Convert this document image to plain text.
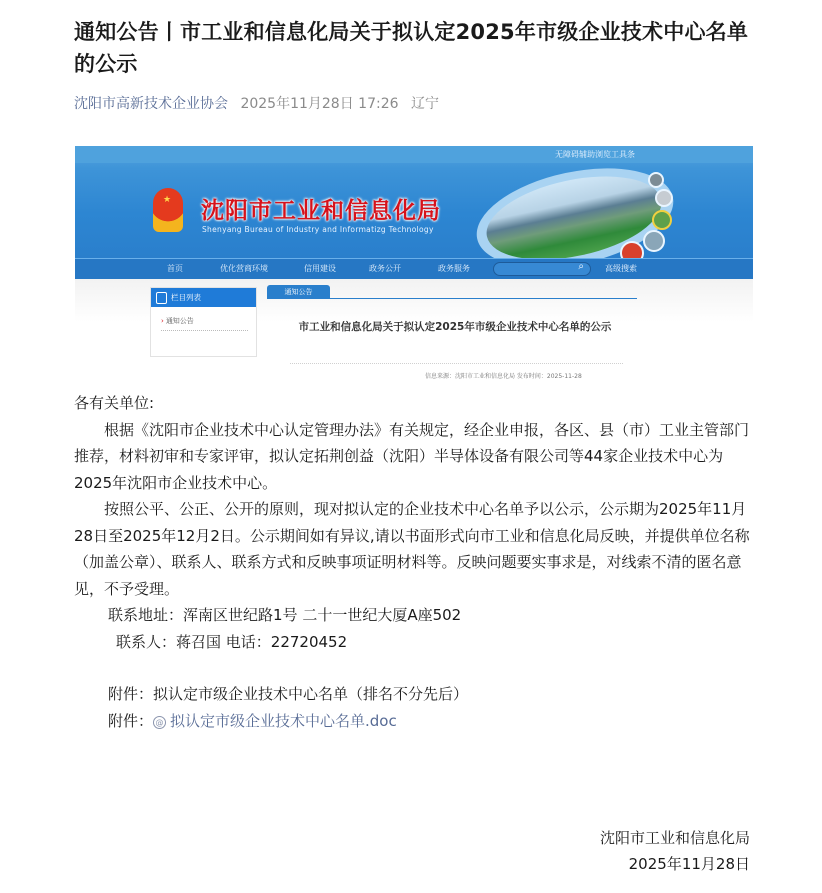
通知公告丨市工业和信息化局关于拟认定2025年市级企业技术中心名单的公示
沈阳市高新技术企业协会 2025年11月28日 17:26 辽宁
无障碍辅助浏览工具条
★ 沈阳市工业和信息化局
Shenyang Bureau of Industry and Informatizg Technology
首页	优化营商环境	信用建设	政务公开	政务服务	⌕	高级搜索
栏目列表
› 通知公告
通知公告
市工业和信息化局关于拟认定2025年市级企业技术中心名单的公示
信息来源：沈阳市工业和信息化局 发布时间：2025-11-28

各有关单位:

根据《沈阳市企业技术中心认定管理办法》有关规定，经企业申报，各区、县（市）工业主管部门推荐，材料初审和专家评审，拟认定拓荆创益（沈阳）半导体设备有限公司等44家企业技术中心为2025年沈阳市企业技术中心。

按照公平、公正、公开的原则，现对拟认定的企业技术中心名单予以公示，公示期为2025年11月28日至2025年12月2日。公示期间如有异议,请以书面形式向市工业和信息化局反映，并提供单位名称（加盖公章）、联系人、联系方式和反映事项证明材料等。反映问题要实事求是，对线索不清的匿名意见，不予受理。

联系地址：浑南区世纪路1号 二十一世纪大厦A座502

联系人：蒋召国 电话：22720452

附件：拟认定市级企业技术中心名单（排名不分先后）

附件： @ 拟认定市级企业技术中心名单.doc

沈阳市工业和信息化局
2025年11月28日
